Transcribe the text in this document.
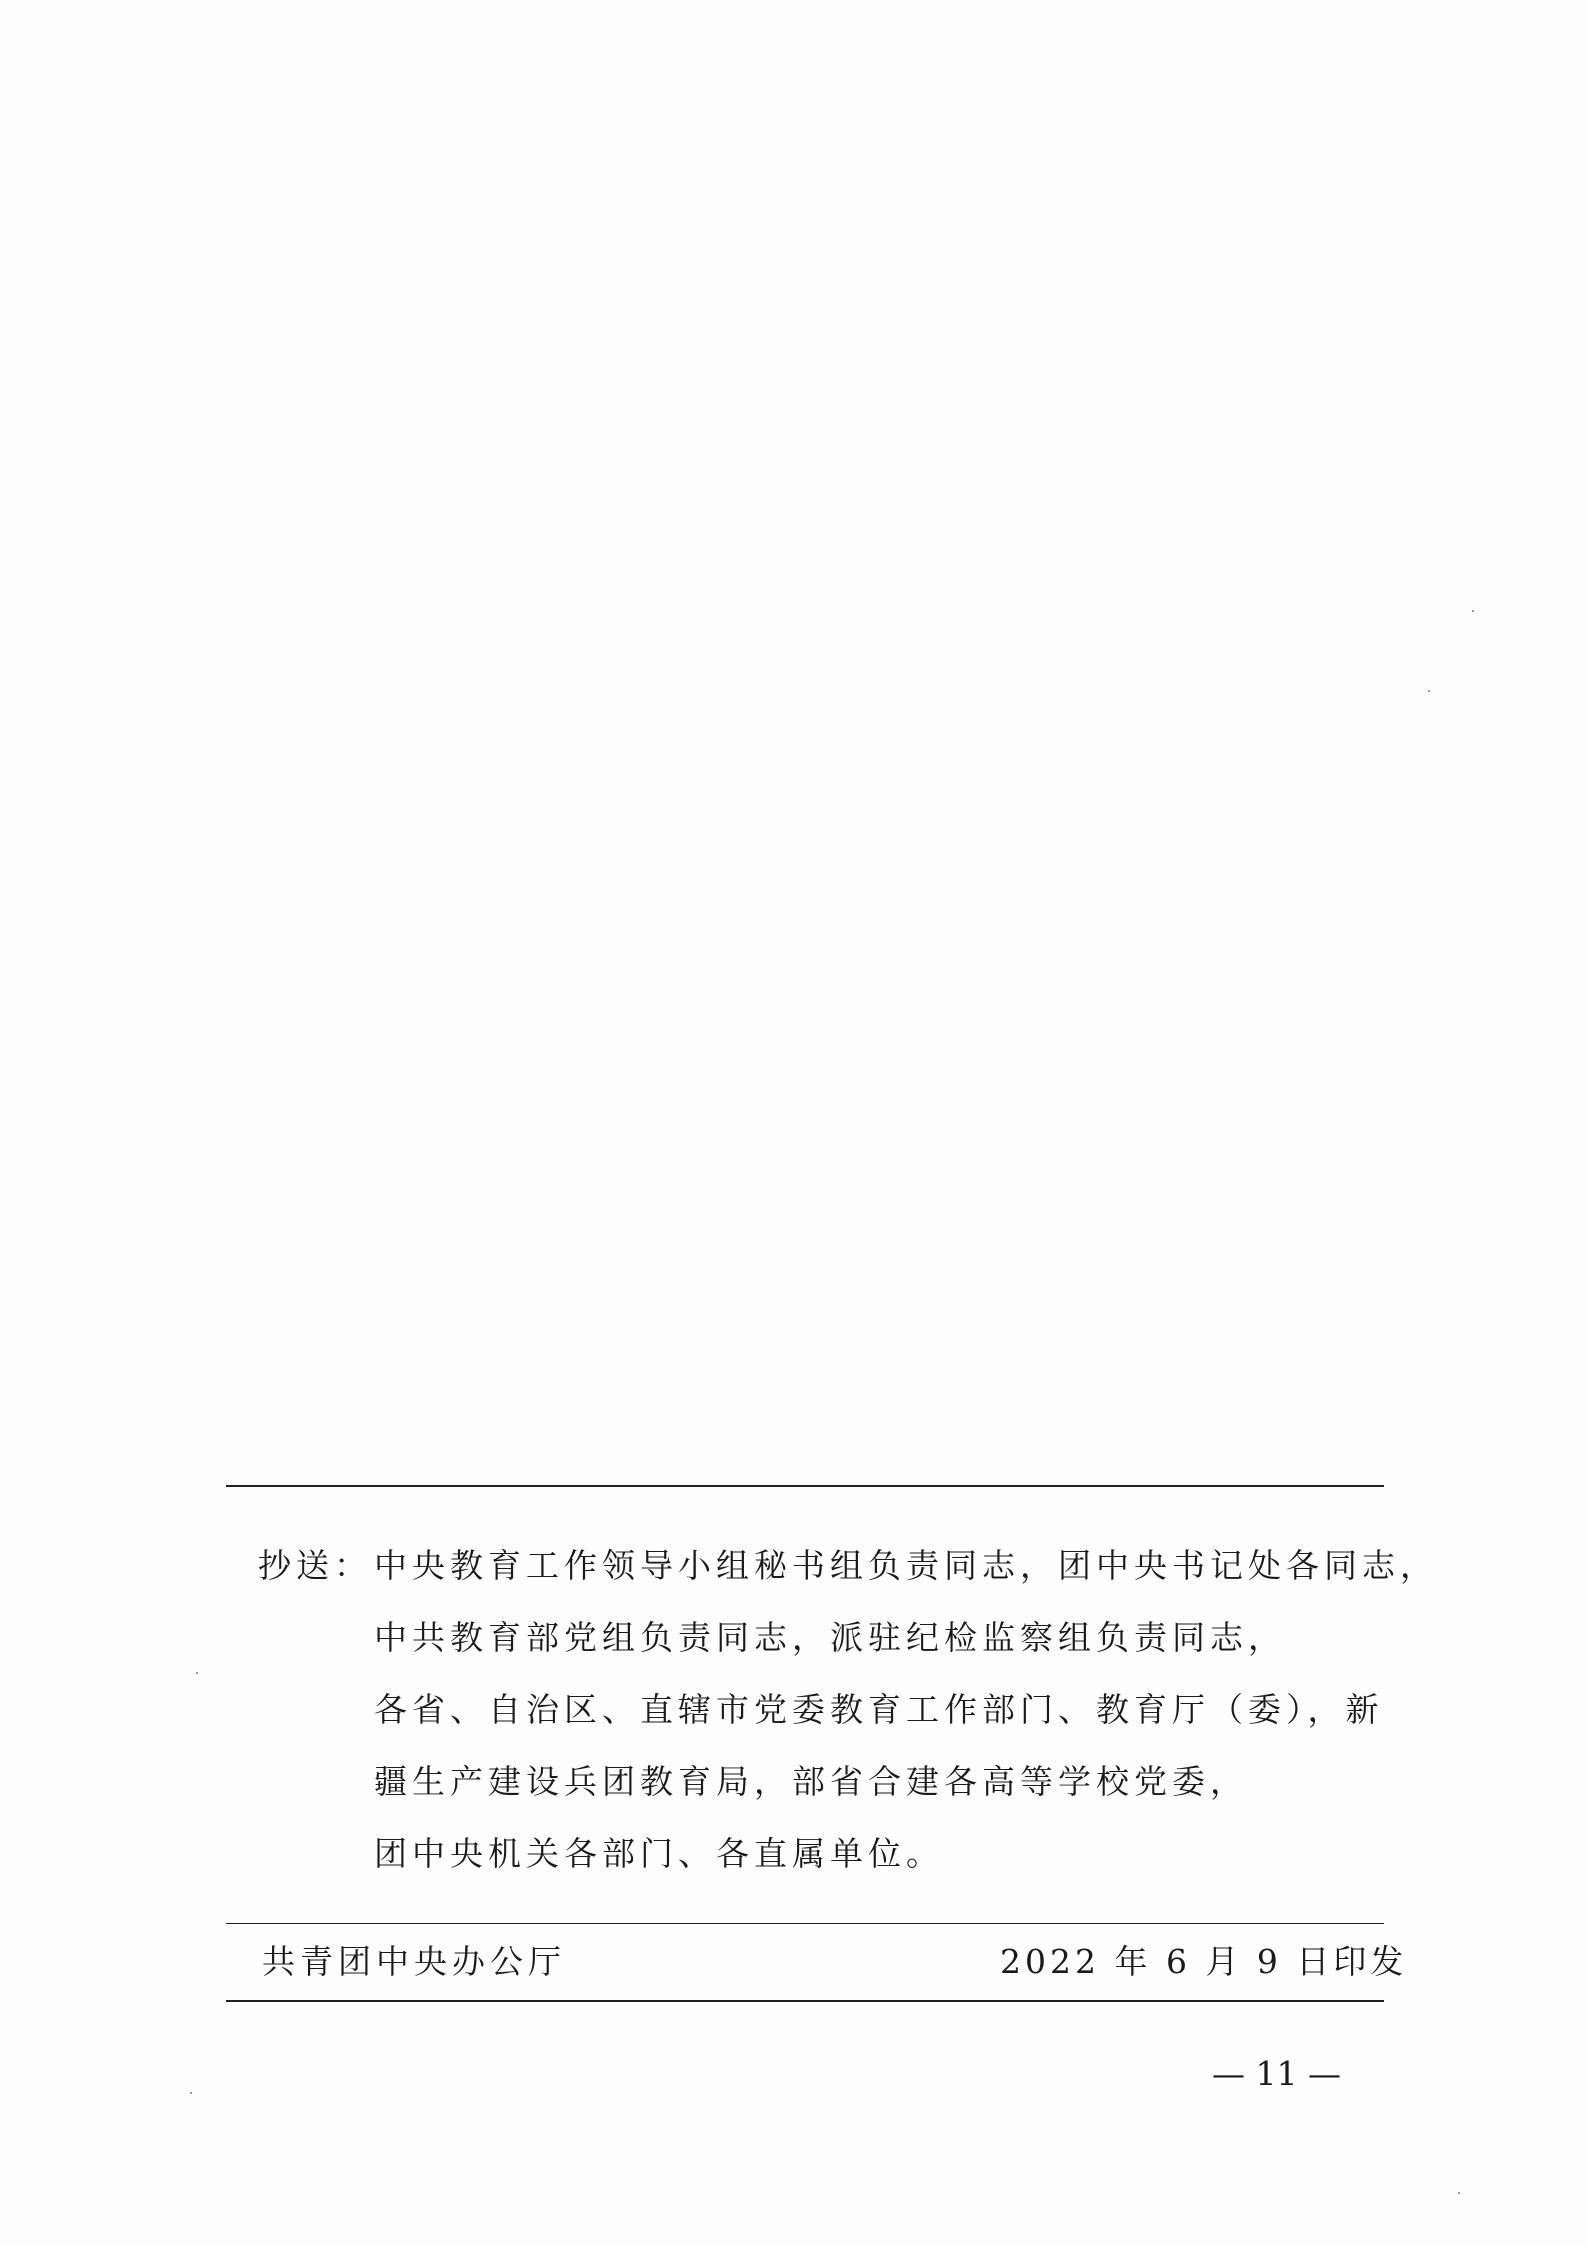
抄送：中央教育工作领导小组秘书组负责同志，团中央书记处各同志，
中共教育部党组负责同志，派驻纪检监察组负责同志，
各省、自治区、直辖市党委教育工作部门、教育厅（委），新
疆生产建设兵团教育局，部省合建各高等学校党委，
团中央机关各部门、各直属单位。
共青团中央办公厅	2022 年 6 月 9 日印发
— 11 —
